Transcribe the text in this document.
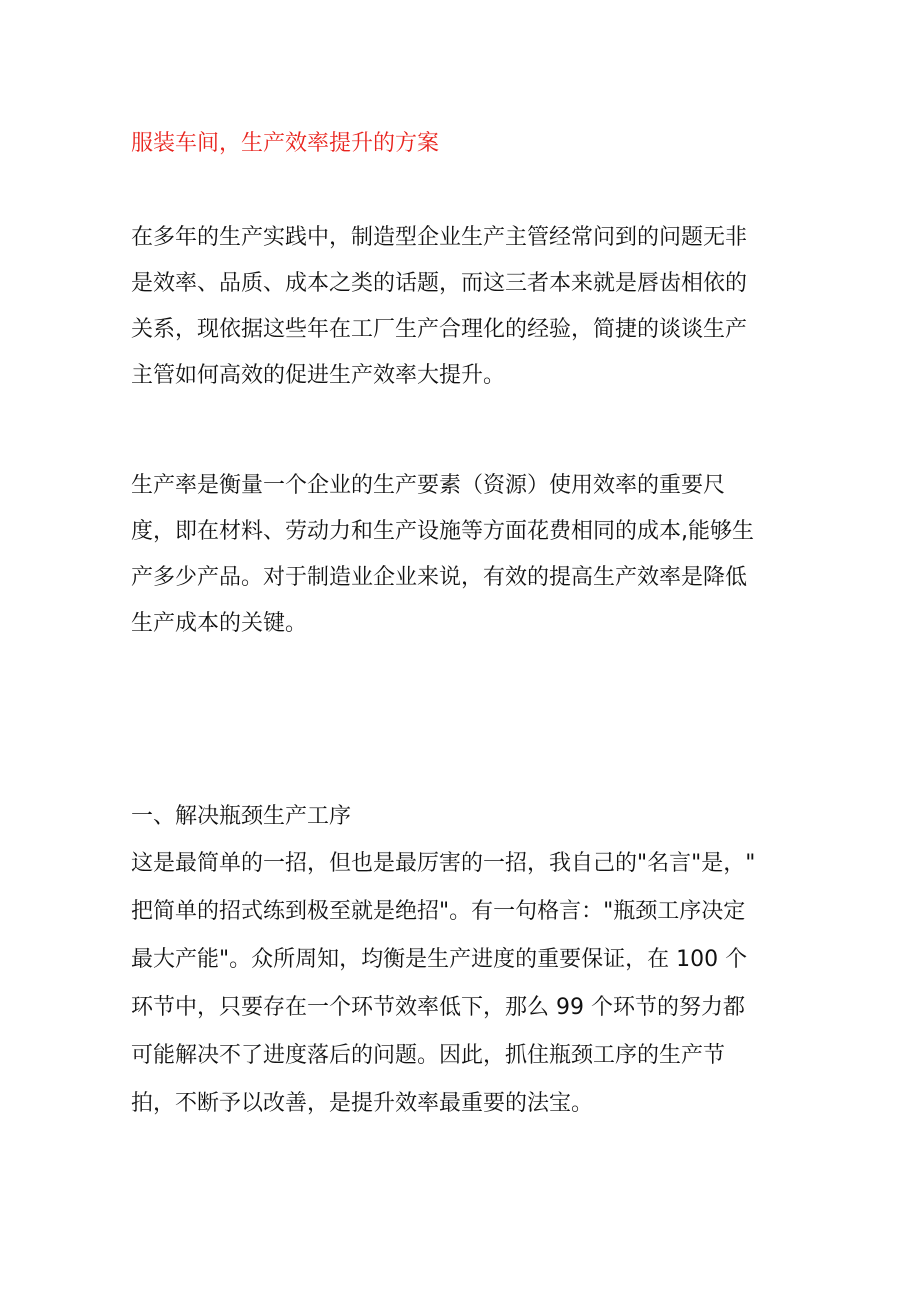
服装车间，生产效率提升的方案
在多年的生产实践中，制造型企业生产主管经常问到的问题无非
是效率、品质、成本之类的话题，而这三者本来就是唇齿相依的
关系，现依据这些年在工厂生产合理化的经验，简捷的谈谈生产
主管如何高效的促进生产效率大提升。
生产率是衡量一个企业的生产要素（资源）使用效率的重要尺
度，即在材料、劳动力和生产设施等方面花费相同的成本,能够生
产多少产品。对于制造业企业来说，有效的提高生产效率是降低
生产成本的关键。
一、解决瓶颈生产工序
这是最简单的一招，但也是最厉害的一招，我自己的"名言"是，"
把简单的招式练到极至就是绝招"。有一句格言："瓶颈工序决定
最大产能"。众所周知，均衡是生产进度的重要保证，在 100 个
环节中，只要存在一个环节效率低下，那么 99 个环节的努力都
可能解决不了进度落后的问题。因此，抓住瓶颈工序的生产节
拍，不断予以改善，是提升效率最重要的法宝。
